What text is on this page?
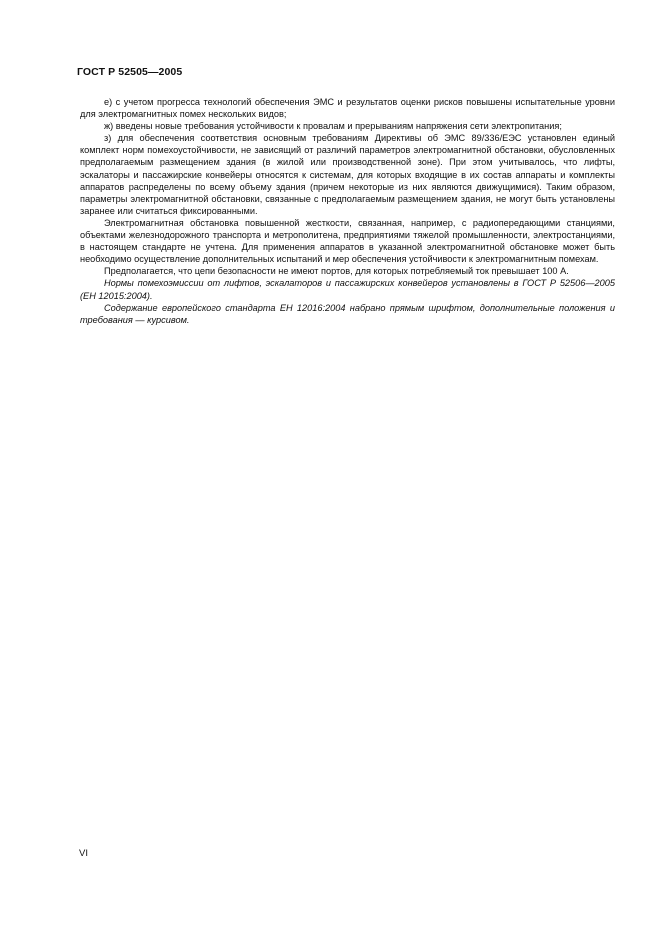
ГОСТ Р 52505—2005

е) с учетом прогресса технологий обеспечения ЭМС и результатов оценки рисков повышены испытательные уровни для электромагнитных помех нескольких видов;

ж) введены новые требования устойчивости к провалам и прерываниям напряжения сети электропитания;

з) для обеспечения соответствия основным требованиям Директивы об ЭМС 89/336/ЕЭС установлен единый комплект норм помехоустойчивости, не зависящий от различий параметров электромагнитной обстановки, обусловленных предполагаемым размещением здания (в жилой или производственной зоне). При этом учитывалось, что лифты, эскалаторы и пассажирские конвейеры относятся к системам, для которых входящие в их состав аппараты и комплекты аппаратов распределены по всему объему здания (причем некоторые из них являются движущимися). Таким образом, параметры электромагнитной обстановки, связанные с предполагаемым размещением здания, не могут быть установлены заранее или считаться фиксированными.

Электромагнитная обстановка повышенной жесткости, связанная, например, с радиопередающими станциями, объектами железнодорожного транспорта и метрополитена, предприятиями тяжелой промышленности, электростанциями, в настоящем стандарте не учтена. Для применения аппаратов в указанной электромагнитной обстановке может быть необходимо осуществление дополнительных испытаний и мер обеспечения устойчивости к электромагнитным помехам.

Предполагается, что цепи безопасности не имеют портов, для которых потребляемый ток превышает 100 А.

Нормы помехоэмиссии от лифтов, эскалаторов и пассажирских конвейеров установлены в ГОСТ Р 52506—2005 (ЕН 12015:2004).

Содержание европейского стандарта ЕН 12016:2004 набрано прямым шрифтом, дополнительные положения и требования — курсивом.

VI
